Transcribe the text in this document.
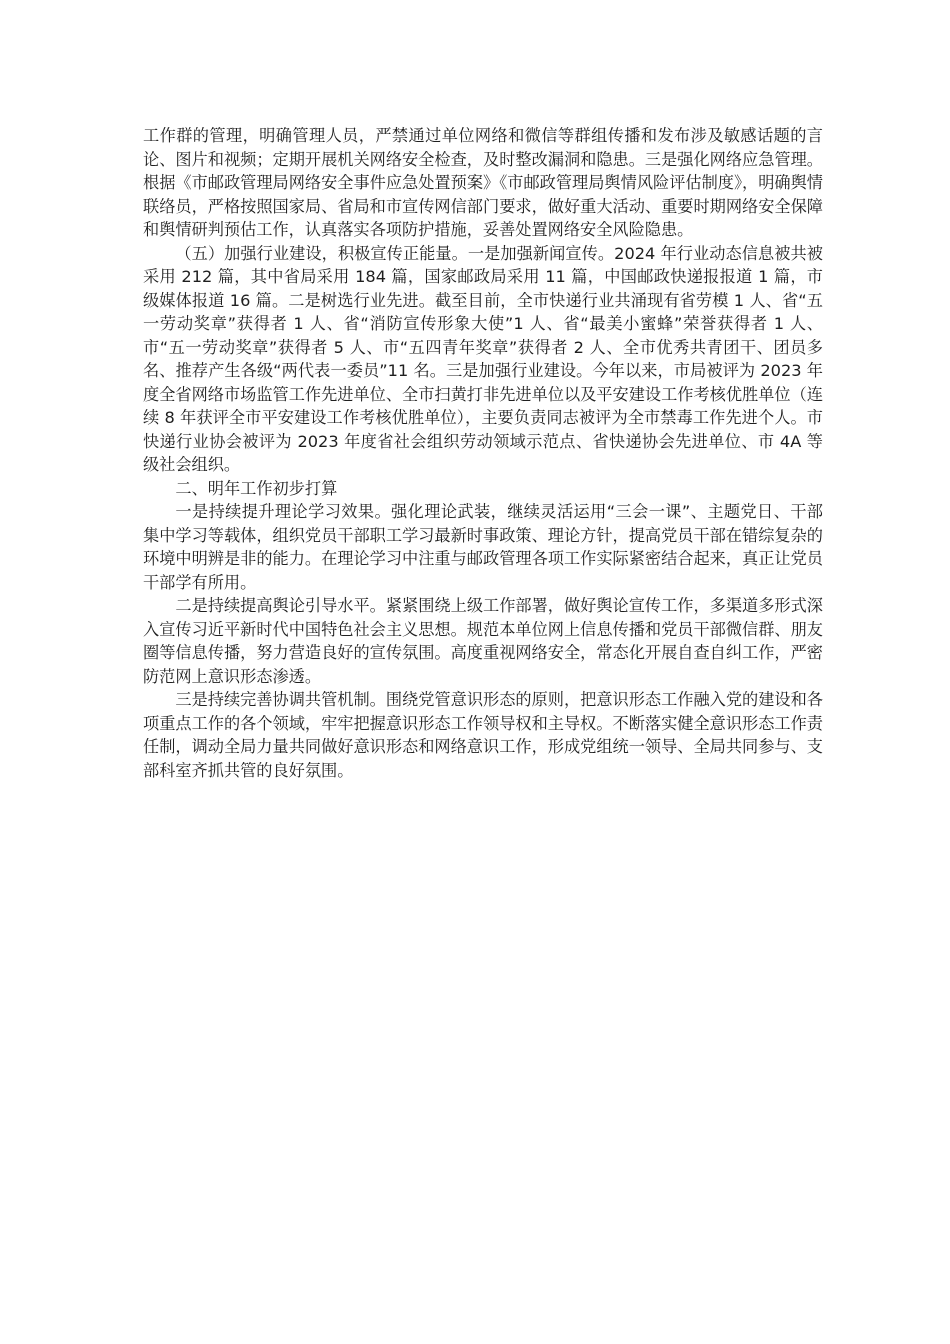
工作群的管理，明确管理人员，严禁通过单位网络和微信等群组传播和发布涉及敏感话题的言论、图片和视频；定期开展机关网络安全检查，及时整改漏洞和隐患。三是强化网络应急管理。根据《市邮政管理局网络安全事件应急处置预案》《市邮政管理局舆情风险评估制度》，明确舆情联络员，严格按照国家局、省局和市宣传网信部门要求，做好重大活动、重要时期网络安全保障和舆情研判预估工作，认真落实各项防护措施，妥善处置网络安全风险隐患。

（五）加强行业建设，积极宣传正能量。一是加强新闻宣传。2024 年行业动态信息被共被采用 212 篇，其中省局采用 184 篇，国家邮政局采用 11 篇，中国邮政快递报报道 1 篇，市级媒体报道 16 篇。二是树选行业先进。截至目前，全市快递行业共涌现有省劳模 1 人、省“五一劳动奖章”获得者 1 人、省“消防宣传形象大使”1 人、省“最美小蜜蜂”荣誉获得者 1 人、市“五一劳动奖章”获得者 5 人、市“五四青年奖章”获得者 2 人、全市优秀共青团干、团员多名、推荐产生各级“两代表一委员”11 名。三是加强行业建设。今年以来，市局被评为 2023 年度全省网络市场监管工作先进单位、全市扫黄打非先进单位以及平安建设工作考核优胜单位（连续 8 年获评全市平安建设工作考核优胜单位），主要负责同志被评为全市禁毒工作先进个人。市快递行业协会被评为 2023 年度省社会组织劳动领域示范点、省快递协会先进单位、市 4A 等级社会组织。

二、明年工作初步打算

一是持续提升理论学习效果。强化理论武装，继续灵活运用“三会一课”、主题党日、干部集中学习等载体，组织党员干部职工学习最新时事政策、理论方针，提高党员干部在错综复杂的环境中明辨是非的能力。在理论学习中注重与邮政管理各项工作实际紧密结合起来，真正让党员干部学有所用。

二是持续提高舆论引导水平。紧紧围绕上级工作部署，做好舆论宣传工作，多渠道多形式深入宣传习近平新时代中国特色社会主义思想。规范本单位网上信息传播和党员干部微信群、朋友圈等信息传播，努力营造良好的宣传氛围。高度重视网络安全，常态化开展自查自纠工作，严密防范网上意识形态渗透。

三是持续完善协调共管机制。围绕党管意识形态的原则，把意识形态工作融入党的建设和各项重点工作的各个领域，牢牢把握意识形态工作领导权和主导权。不断落实健全意识形态工作责任制，调动全局力量共同做好意识形态和网络意识工作，形成党组统一领导、全局共同参与、支部科室齐抓共管的良好氛围。
